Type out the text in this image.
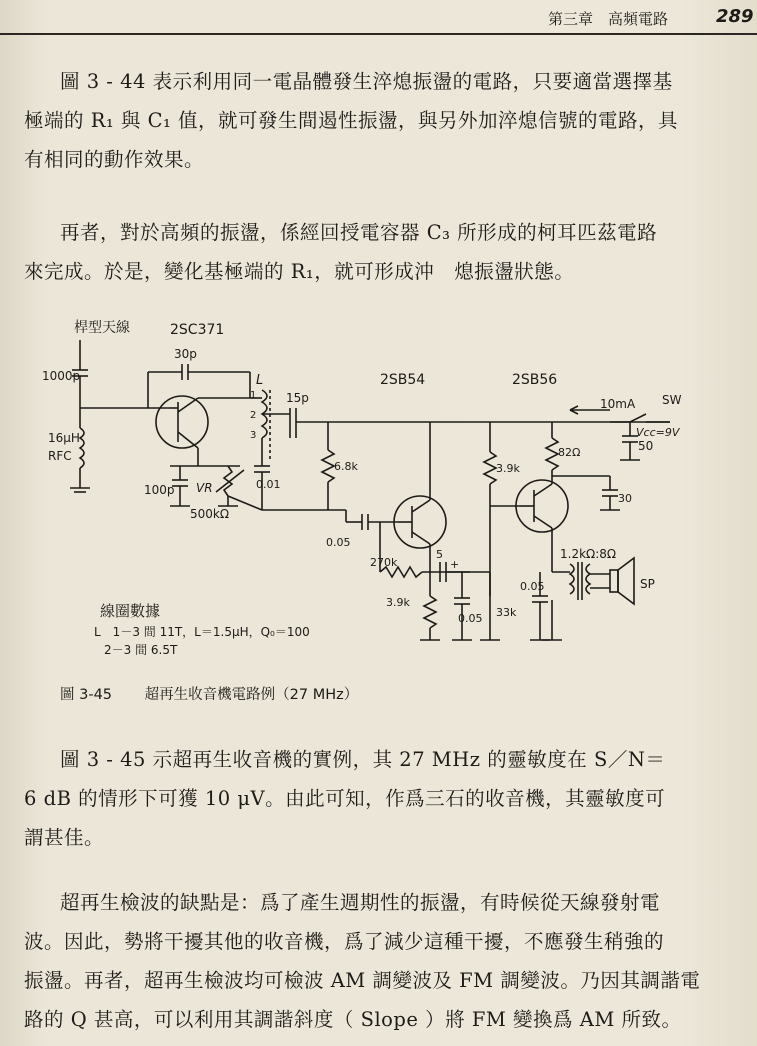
第三章　高頻電路	289
圖 3 - 44 表示利用同一電晶體發生淬熄振盪的電路，只要適當選擇基
極端的 R₁ 與 C₁ 值，就可發生間遏性振盪，與另外加淬熄信號的電路，具
有相同的動作效果。
再者，對於高頻的振盪，係經回授電容器 C₃ 所形成的柯耳匹茲電路
來完成。於是，變化基極端的 R₁，就可形成沖　熄振盪狀態。
桿型天線	2SC371
30p
1000p	L
1
2
3
15p
0.01
16μH
RFC
100p VR
500kΩ
6.8k
2SB54	2SB56
10mA SW
50
Vcc=9V
3.9k
82Ω
30
0.05
270k
5
+
3.9k
0.05 33k
0.05
1.2kΩ:8Ω
SP
線圈數據
L　1－3 間 11T，L＝1.5μH，Q₀＝100
2－3 間 6.5T
圖 3-45 超再生收音機電路例（27 MHz）
圖 3 - 45 示超再生收音機的實例，其 27 MHz 的靈敏度在 S／N＝
6 dB 的情形下可獲 10 μV。由此可知，作爲三石的收音機，其靈敏度可
謂甚佳。
超再生檢波的缺點是：爲了產生週期性的振盪，有時候從天線發射電
波。因此，勢將干擾其他的收音機，爲了減少這種干擾，不應發生稍強的
振盪。再者，超再生檢波均可檢波 AM 調變波及 FM 調變波。乃因其調諧電
路的 Q 甚高，可以利用其調諧斜度（ Slope ）將 FM 變換爲 AM 所致。
